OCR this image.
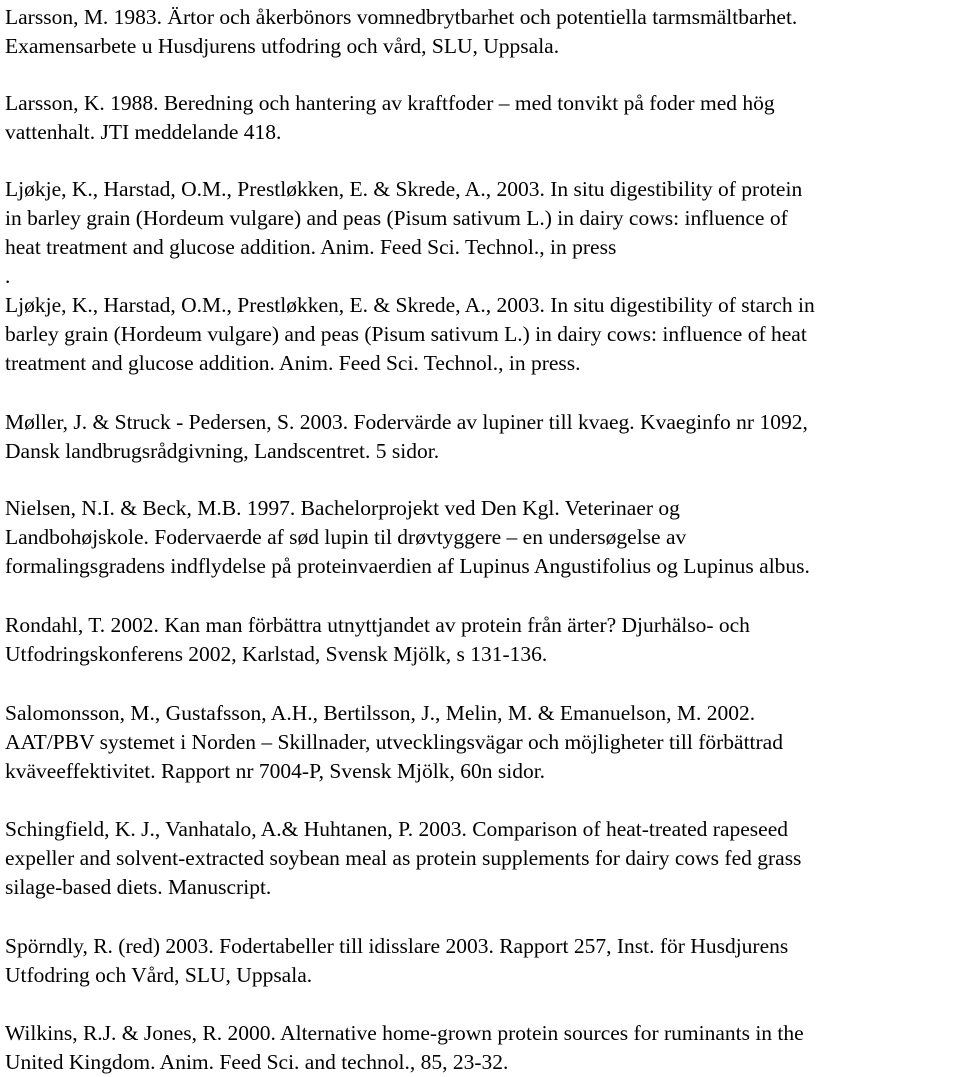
Larsson, M. 1983. Ärtor och åkerbönors vomnedbrytbarhet och potentiella tarmsmältbarhet.
Examensarbete u Husdjurens utfodring och vård, SLU, Uppsala.
Larsson, K. 1988. Beredning och hantering av kraftfoder – med tonvikt på foder med hög
vattenhalt. JTI meddelande 418.
Ljøkje, K., Harstad, O.M., Prestløkken, E. & Skrede, A., 2003. In situ digestibility of protein
in barley grain (Hordeum vulgare) and peas (Pisum sativum L.) in dairy cows: influence of
heat treatment and glucose addition. Anim. Feed Sci. Technol., in press
.
Ljøkje, K., Harstad, O.M., Prestløkken, E. & Skrede, A., 2003. In situ digestibility of starch in
barley grain (Hordeum vulgare) and peas (Pisum sativum L.) in dairy cows: influence of heat
treatment and glucose addition. Anim. Feed Sci. Technol., in press.
Møller, J. & Struck - Pedersen, S. 2003. Fodervärde av lupiner till kvaeg. Kvaeginfo nr 1092,
Dansk landbrugsrådgivning, Landscentret. 5 sidor.
Nielsen, N.I. & Beck, M.B. 1997. Bachelorprojekt ved Den Kgl. Veterinaer og
Landbohøjskole. Fodervaerde af sød lupin til drøvtyggere – en undersøgelse av
formalingsgradens indflydelse på proteinvaerdien af Lupinus Angustifolius og Lupinus albus.
Rondahl, T. 2002. Kan man förbättra utnyttjandet av protein från ärter? Djurhälso- och
Utfodringskonferens 2002, Karlstad, Svensk Mjölk, s 131-136.
Salomonsson, M., Gustafsson, A.H., Bertilsson, J., Melin, M. & Emanuelson, M. 2002.
AAT/PBV systemet i Norden – Skillnader, utvecklingsvägar och möjligheter till förbättrad
kväveeffektivitet. Rapport nr 7004-P, Svensk Mjölk, 60n sidor.
Schingfield, K. J., Vanhatalo, A.& Huhtanen, P. 2003. Comparison of heat-treated rapeseed
expeller and solvent-extracted soybean meal as protein supplements for dairy cows fed grass
silage-based diets. Manuscript.
Spörndly, R. (red) 2003. Fodertabeller till idisslare 2003. Rapport 257, Inst. för Husdjurens
Utfodring och Vård, SLU, Uppsala.
Wilkins, R.J. & Jones, R. 2000. Alternative home-grown protein sources for ruminants in the
United Kingdom. Anim. Feed Sci. and technol., 85, 23-32.
